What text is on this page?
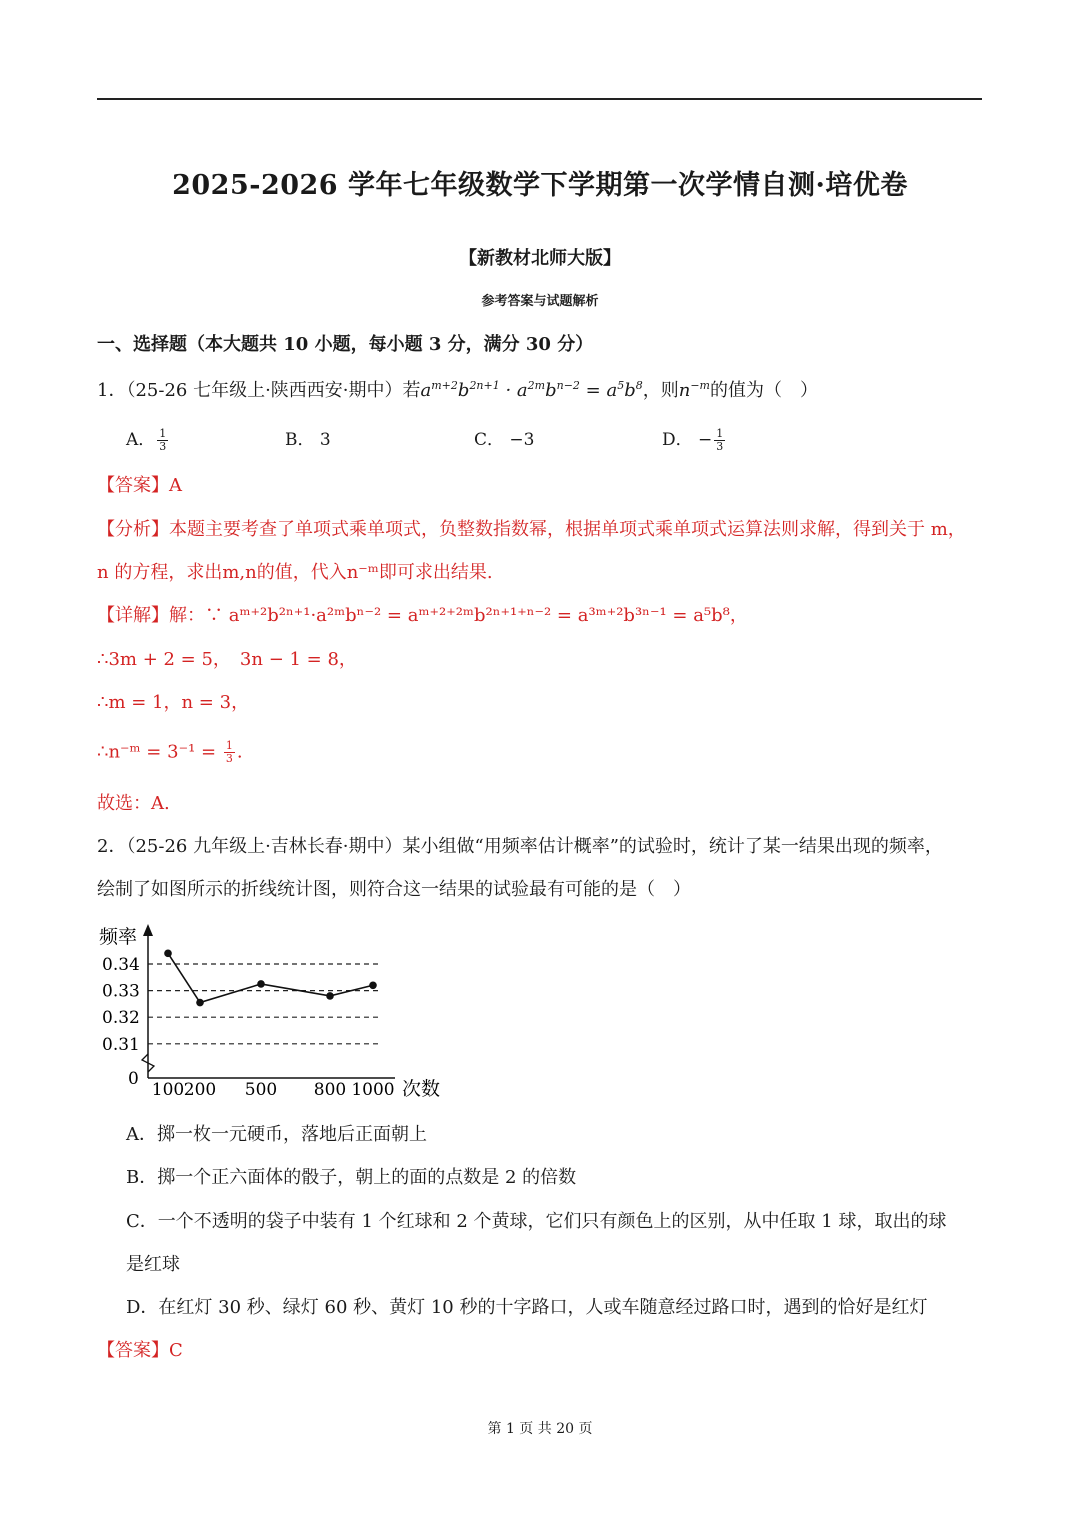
2025-2026 学年七年级数学下学期第一次学情自测·培优卷
【新教材北师大版】
参考答案与试题解析
一、选择题（本大题共 10 小题，每小题 3 分，满分 30 分）
1．（25-26 七年级上·陕西西安·期中）若$a^{m+2}b^{2n+1} \cdot a^{2m}b^{n-2} = a^5b^8$，则$n^{-m}$的值为（　）
A． $\frac{1}{3}$	B． 3	C． −3	D． − $\frac{1}{3}$
【答案】A
【分析】本题主要考查了单项式乘单项式，负整数指数幂，根据单项式乘单项式运算法则求解，得到关于 m，
n 的方程，求出m,n的值，代入n⁻ᵐ即可求出结果.
【详解】解：∵ aᵐ⁺²b²ⁿ⁺¹·a²ᵐbⁿ⁻² = aᵐ⁺²⁺²ᵐb²ⁿ⁺¹⁺ⁿ⁻² = a³ᵐ⁺²b³ⁿ⁻¹ = a⁵b⁸，
∴3m + 2 = 5，　3n − 1 = 8，
∴m = 1，n = 3，
∴n⁻ᵐ = $3^{-1} = \frac{1}{3}$ .
故选：A.
2．（25-26 九年级上·吉林长春·期中）某小组做“用频率估计概率”的试验时，统计了某一结果出现的频率，
绘制了如图所示的折线统计图，则符合这一结果的试验最有可能的是（　）
频率
次数
0
0.34
0.33
0.32
0.31
100 200 500 800 1000
A．掷一枚一元硬币，落地后正面朝上
B．掷一个正六面体的骰子，朝上的面的点数是 2 的倍数
C．一个不透明的袋子中装有 1 个红球和 2 个黄球，它们只有颜色上的区别，从中任取 1 球，取出的球
是红球
D．在红灯 30 秒、绿灯 60 秒、黄灯 10 秒的十字路口，人或车随意经过路口时，遇到的恰好是红灯
【答案】C
第 1 页 共 20 页
